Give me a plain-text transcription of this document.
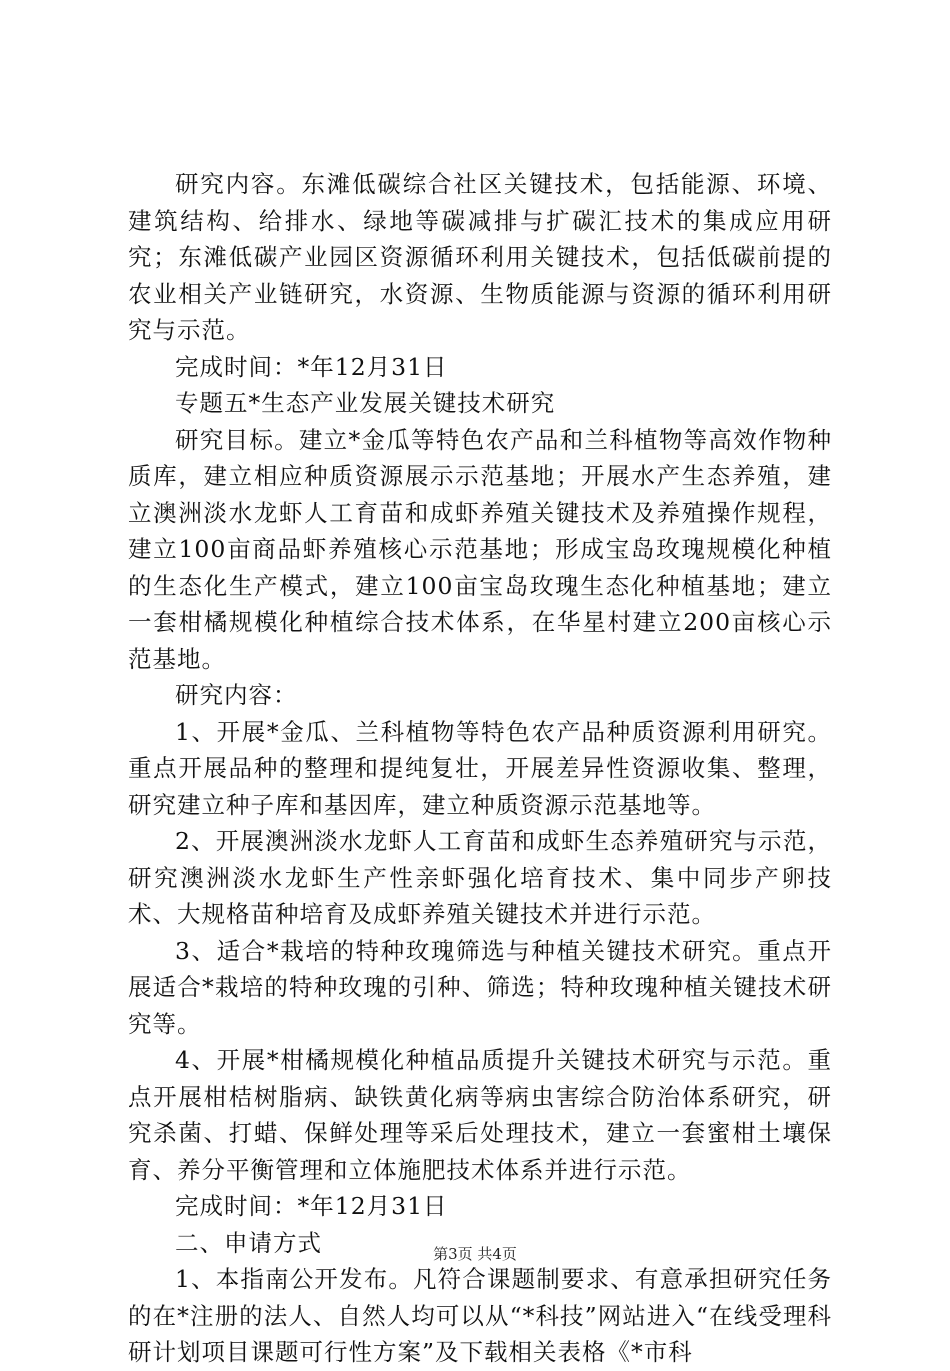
研究内容。东滩低碳综合社区关键技术，包括能源、环境、建筑结构、给排水、绿地等碳减排与扩碳汇技术的集成应用研究；东滩低碳产业园区资源循环利用关键技术，包括低碳前提的农业相关产业链研究，水资源、生物质能源与资源的循环利用研究与示范。

完成时间：*年12月31日

专题五*生态产业发展关键技术研究

研究目标。建立*金瓜等特色农产品和兰科植物等高效作物种质库，建立相应种质资源展示示范基地；开展水产生态养殖，建立澳洲淡水龙虾人工育苗和成虾养殖关键技术及养殖操作规程，建立100亩商品虾养殖核心示范基地；形成宝岛玫瑰规模化种植的生态化生产模式，建立100亩宝岛玫瑰生态化种植基地；建立一套柑橘规模化种植综合技术体系，在华星村建立200亩核心示范基地。

研究内容：

1、开展*金瓜、兰科植物等特色农产品种质资源利用研究。重点开展品种的整理和提纯复壮，开展差异性资源收集、整理，研究建立种子库和基因库，建立种质资源示范基地等。

2、开展澳洲淡水龙虾人工育苗和成虾生态养殖研究与示范，研究澳洲淡水龙虾生产性亲虾强化培育技术、集中同步产卵技术、大规格苗种培育及成虾养殖关键技术并进行示范。

3、适合*栽培的特种玫瑰筛选与种植关键技术研究。重点开展适合*栽培的特种玫瑰的引种、筛选；特种玫瑰种植关键技术研究等。

4、开展*柑橘规模化种植品质提升关键技术研究与示范。重点开展柑桔树脂病、缺铁黄化病等病虫害综合防治体系研究，研究杀菌、打蜡、保鲜处理等采后处理技术，建立一套蜜柑土壤保育、养分平衡管理和立体施肥技术体系并进行示范。

完成时间：*年12月31日

二、申请方式

1、本指南公开发布。凡符合课题制要求、有意承担研究任务的在*注册的法人、自然人均可以从“*科技”网站进入“在线受理科研计划项目课题可行性方案”及下载相关表格《*市科

第3页 共4页
